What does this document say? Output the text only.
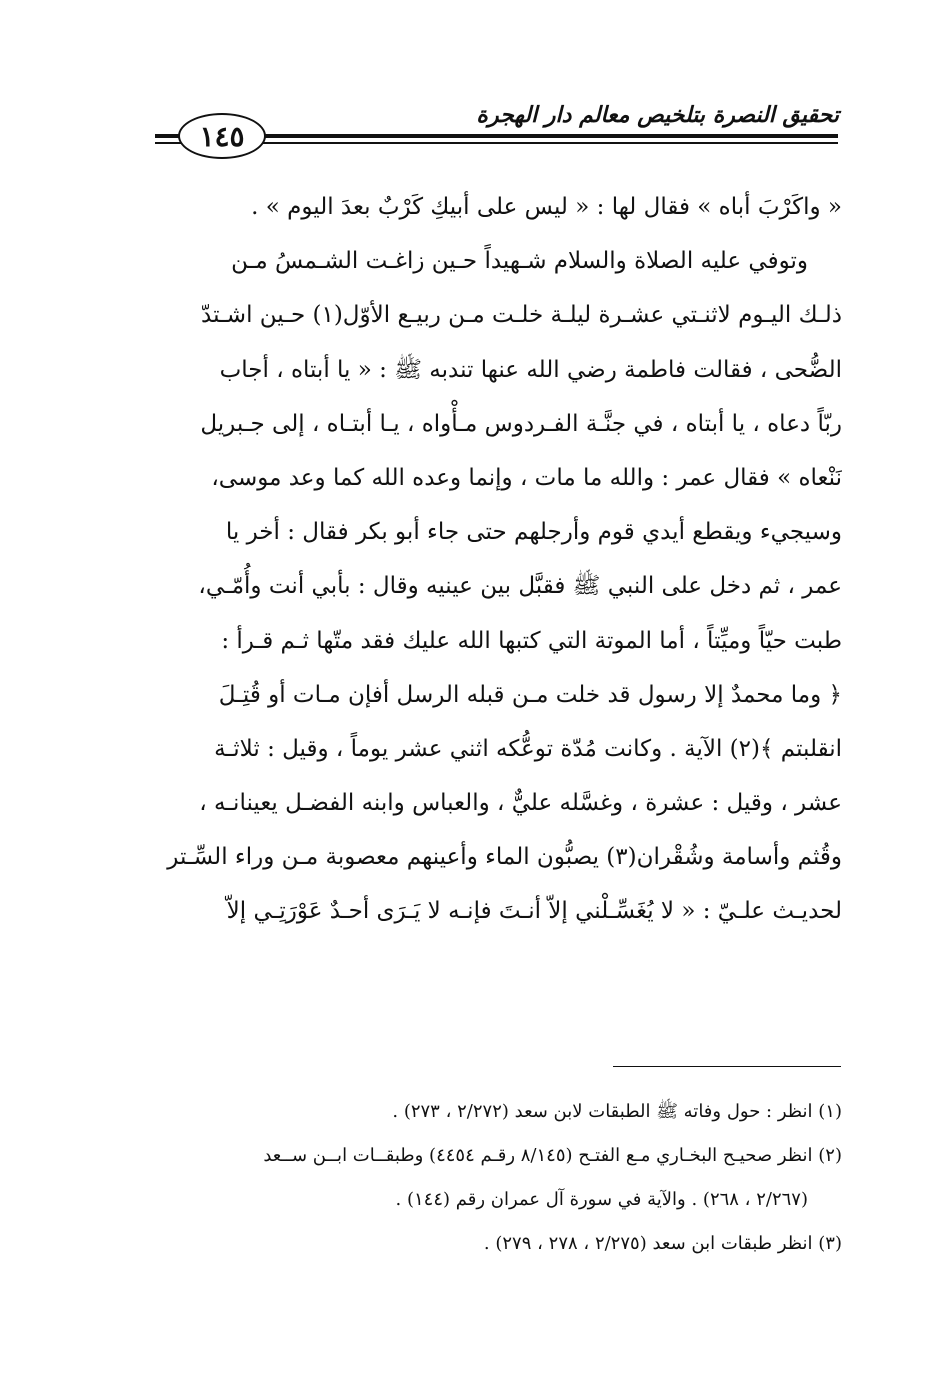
تحقيق النصرة بتلخيص معالم دار الهجرة
١٤٥
« واكَرْبَ أباه » فقال لها : « ليس على أبيكِ كَرْبٌ بعدَ اليوم » .
وتوفي عليه الصلاة والسلام شـهيداً حـين زاغـت الشـمسُ مـن
ذلـك اليـوم لاثنـتي عشـرة ليلـة خلـت مـن ربيـع الأوّل(١) حـين اشـتدّ
الضُّحى ، فقالت فاطمة رضي الله عنها تندبه ﷺ : « يا أبتاه ، أجاب
ربّاً دعاه ، يا أبتاه ، في جنَّـة الفـردوس مـأْواه ، يـا أبتـاه ، إلى جـبريل
نَنْعاه » فقال عمر : والله ما مات ، وإنما وعده الله كما وعد موسى،
وسيجيء ويقطع أيدي قوم وأرجلهم حتى جاء أبو بكر فقال : أخر يا
عمر ، ثم دخل على النبي ﷺ فقبَّل بين عينيه وقال : بأبي أنت وأُمّـي،
طبت حيّاً وميِّتاً ، أما الموتة التي كتبها الله عليك فقد متّها ثـم قـرأ :
﴿ وما محمدٌ إلا رسول قد خلت مـن قبله الرسل أفإن مـات أو قُتِـلَ
انقلبتم ﴾(٢) الآية . وكانت مُدّة توعُّكه اثني عشر يوماً ، وقيل : ثلاثـة
عشر ، وقيل : عشرة ، وغسَّله عليٌّ ، والعباس وابنه الفضـل يعينانـه ،
وقُثم وأسامة وشُقْران(٣) يصبُّون الماء وأعينهم معصوبة مـن وراء السِّـتر
لحديـث علـيّ : « لا يُغَسِّـلْني إلاّ أنـتَ فإنـه لا يَـرَى أحـدٌ عَوْرَتِـي إلاّ
(١) انظر : حول وفاته ﷺ الطبقات لابن سعد (٢/٢٧٢ ، ٢٧٣) .
(٢) انظر صحيـح البخـاري مـع الفتـح (٨/١٤٥ رقـم ٤٤٥٤) وطبقــات ابــن ســعد
(٢/٢٦٧ ، ٢٦٨) . والآية في سورة آل عمران رقم (١٤٤) .
(٣) انظر طبقات ابن سعد (٢/٢٧٥ ، ٢٧٨ ، ٢٧٩) .
